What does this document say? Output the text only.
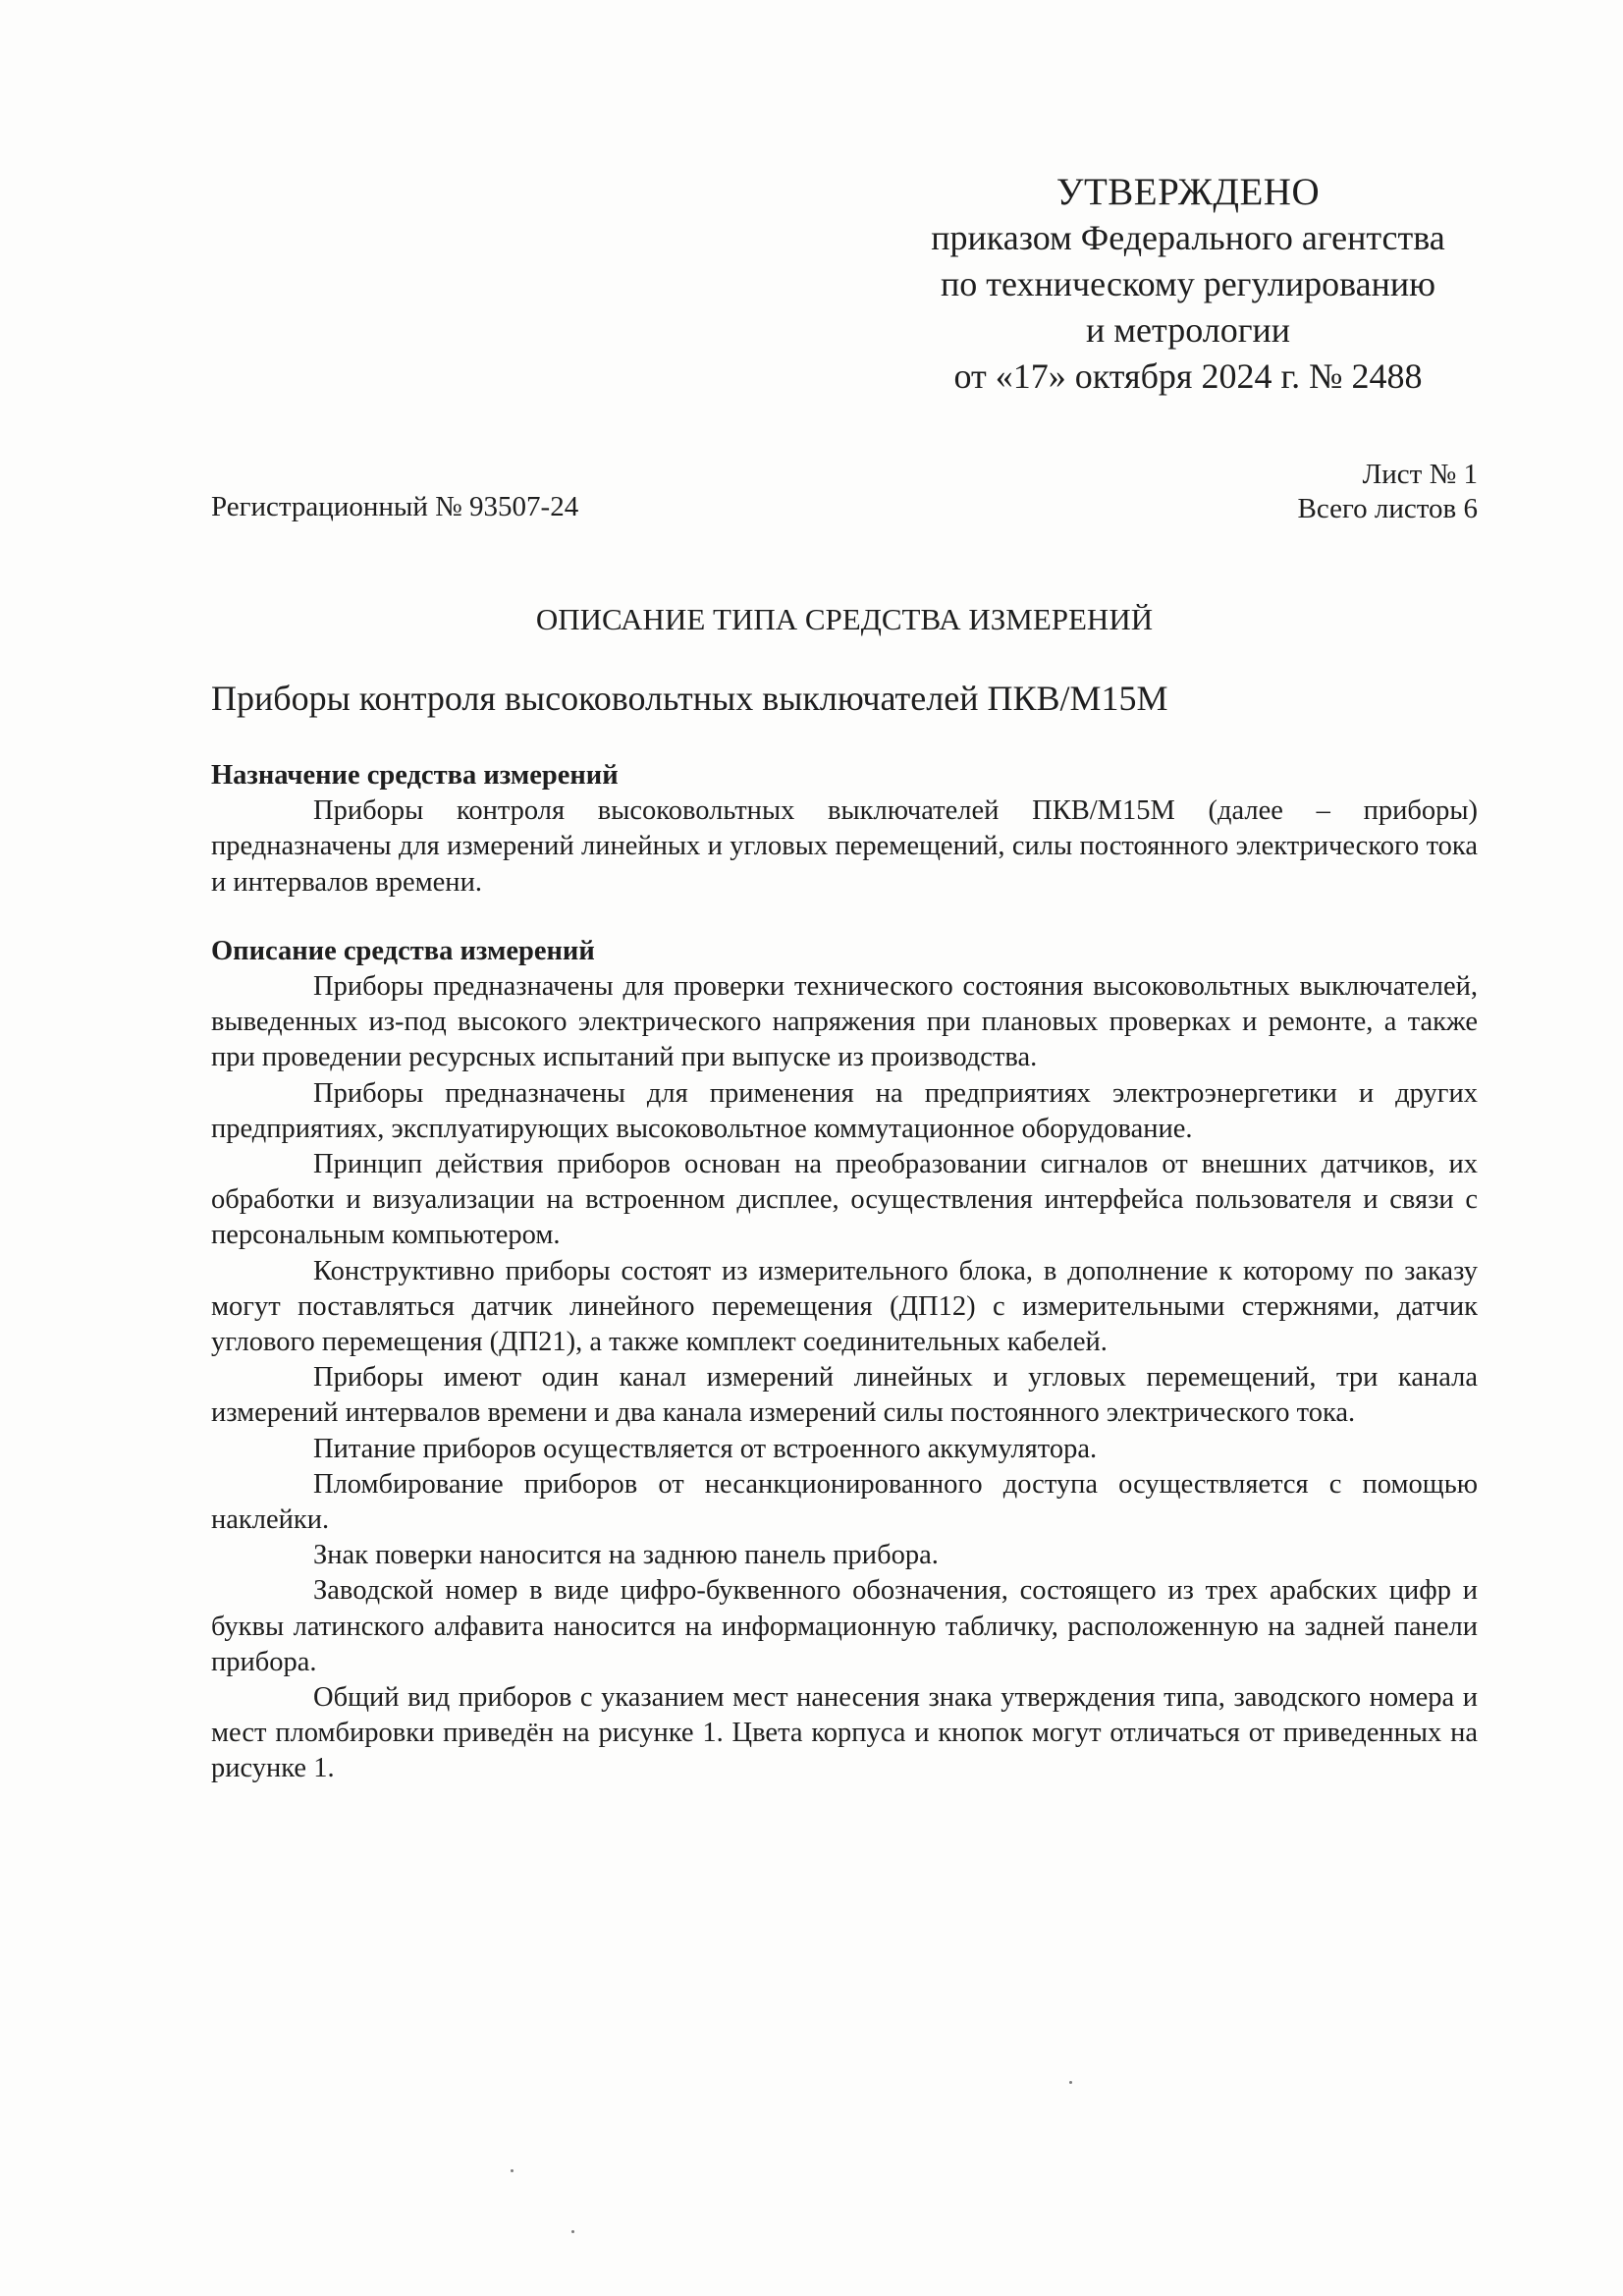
УТВЕРЖДЕНО
приказом Федерального агентства
по техническому регулированию
и метрологии
от «17» октября 2024 г. № 2488
Регистрационный № 93507-24
Лист № 1
Всего листов 6
ОПИСАНИЕ ТИПА СРЕДСТВА ИЗМЕРЕНИЙ
Приборы контроля высоковольтных выключателей ПКВ/М15М

Назначение средства измерений

Приборы контроля высоковольтных выключателей ПКВ/М15М (далее – приборы) предназначены для измерений линейных и угловых перемещений, силы постоянного электрического тока и интервалов времени.

Описание средства измерений

Приборы предназначены для проверки технического состояния высоковольтных выключателей, выведенных из-под высокого электрического напряжения при плановых проверках и ремонте, а также при проведении ресурсных испытаний при выпуске из производства.

Приборы предназначены для применения на предприятиях электроэнергетики и других предприятиях, эксплуатирующих высоковольтное коммутационное оборудование.

Принцип действия приборов основан на преобразовании сигналов от внешних датчиков, их обработки и визуализации на встроенном дисплее, осуществления интерфейса пользователя и связи с персональным компьютером.

Конструктивно приборы состоят из измерительного блока, в дополнение к которому по заказу могут поставляться датчик линейного перемещения (ДП12) с измерительными стержнями, датчик углового перемещения (ДП21), а также комплект соединительных кабелей.

Приборы имеют один канал измерений линейных и угловых перемещений, три канала измерений интервалов времени и два канала измерений силы постоянного электрического тока.

Питание приборов осуществляется от встроенного аккумулятора.

Пломбирование приборов от несанкционированного доступа осуществляется с помощью наклейки.

Знак поверки наносится на заднюю панель прибора.

Заводской номер в виде цифро-буквенного обозначения, состоящего из трех арабских цифр и буквы латинского алфавита наносится на информационную табличку, расположенную на задней панели прибора.

Общий вид приборов с указанием мест нанесения знака утверждения типа, заводского номера и мест пломбировки приведён на рисунке 1. Цвета корпуса и кнопок могут отличаться от приведенных на рисунке 1.
